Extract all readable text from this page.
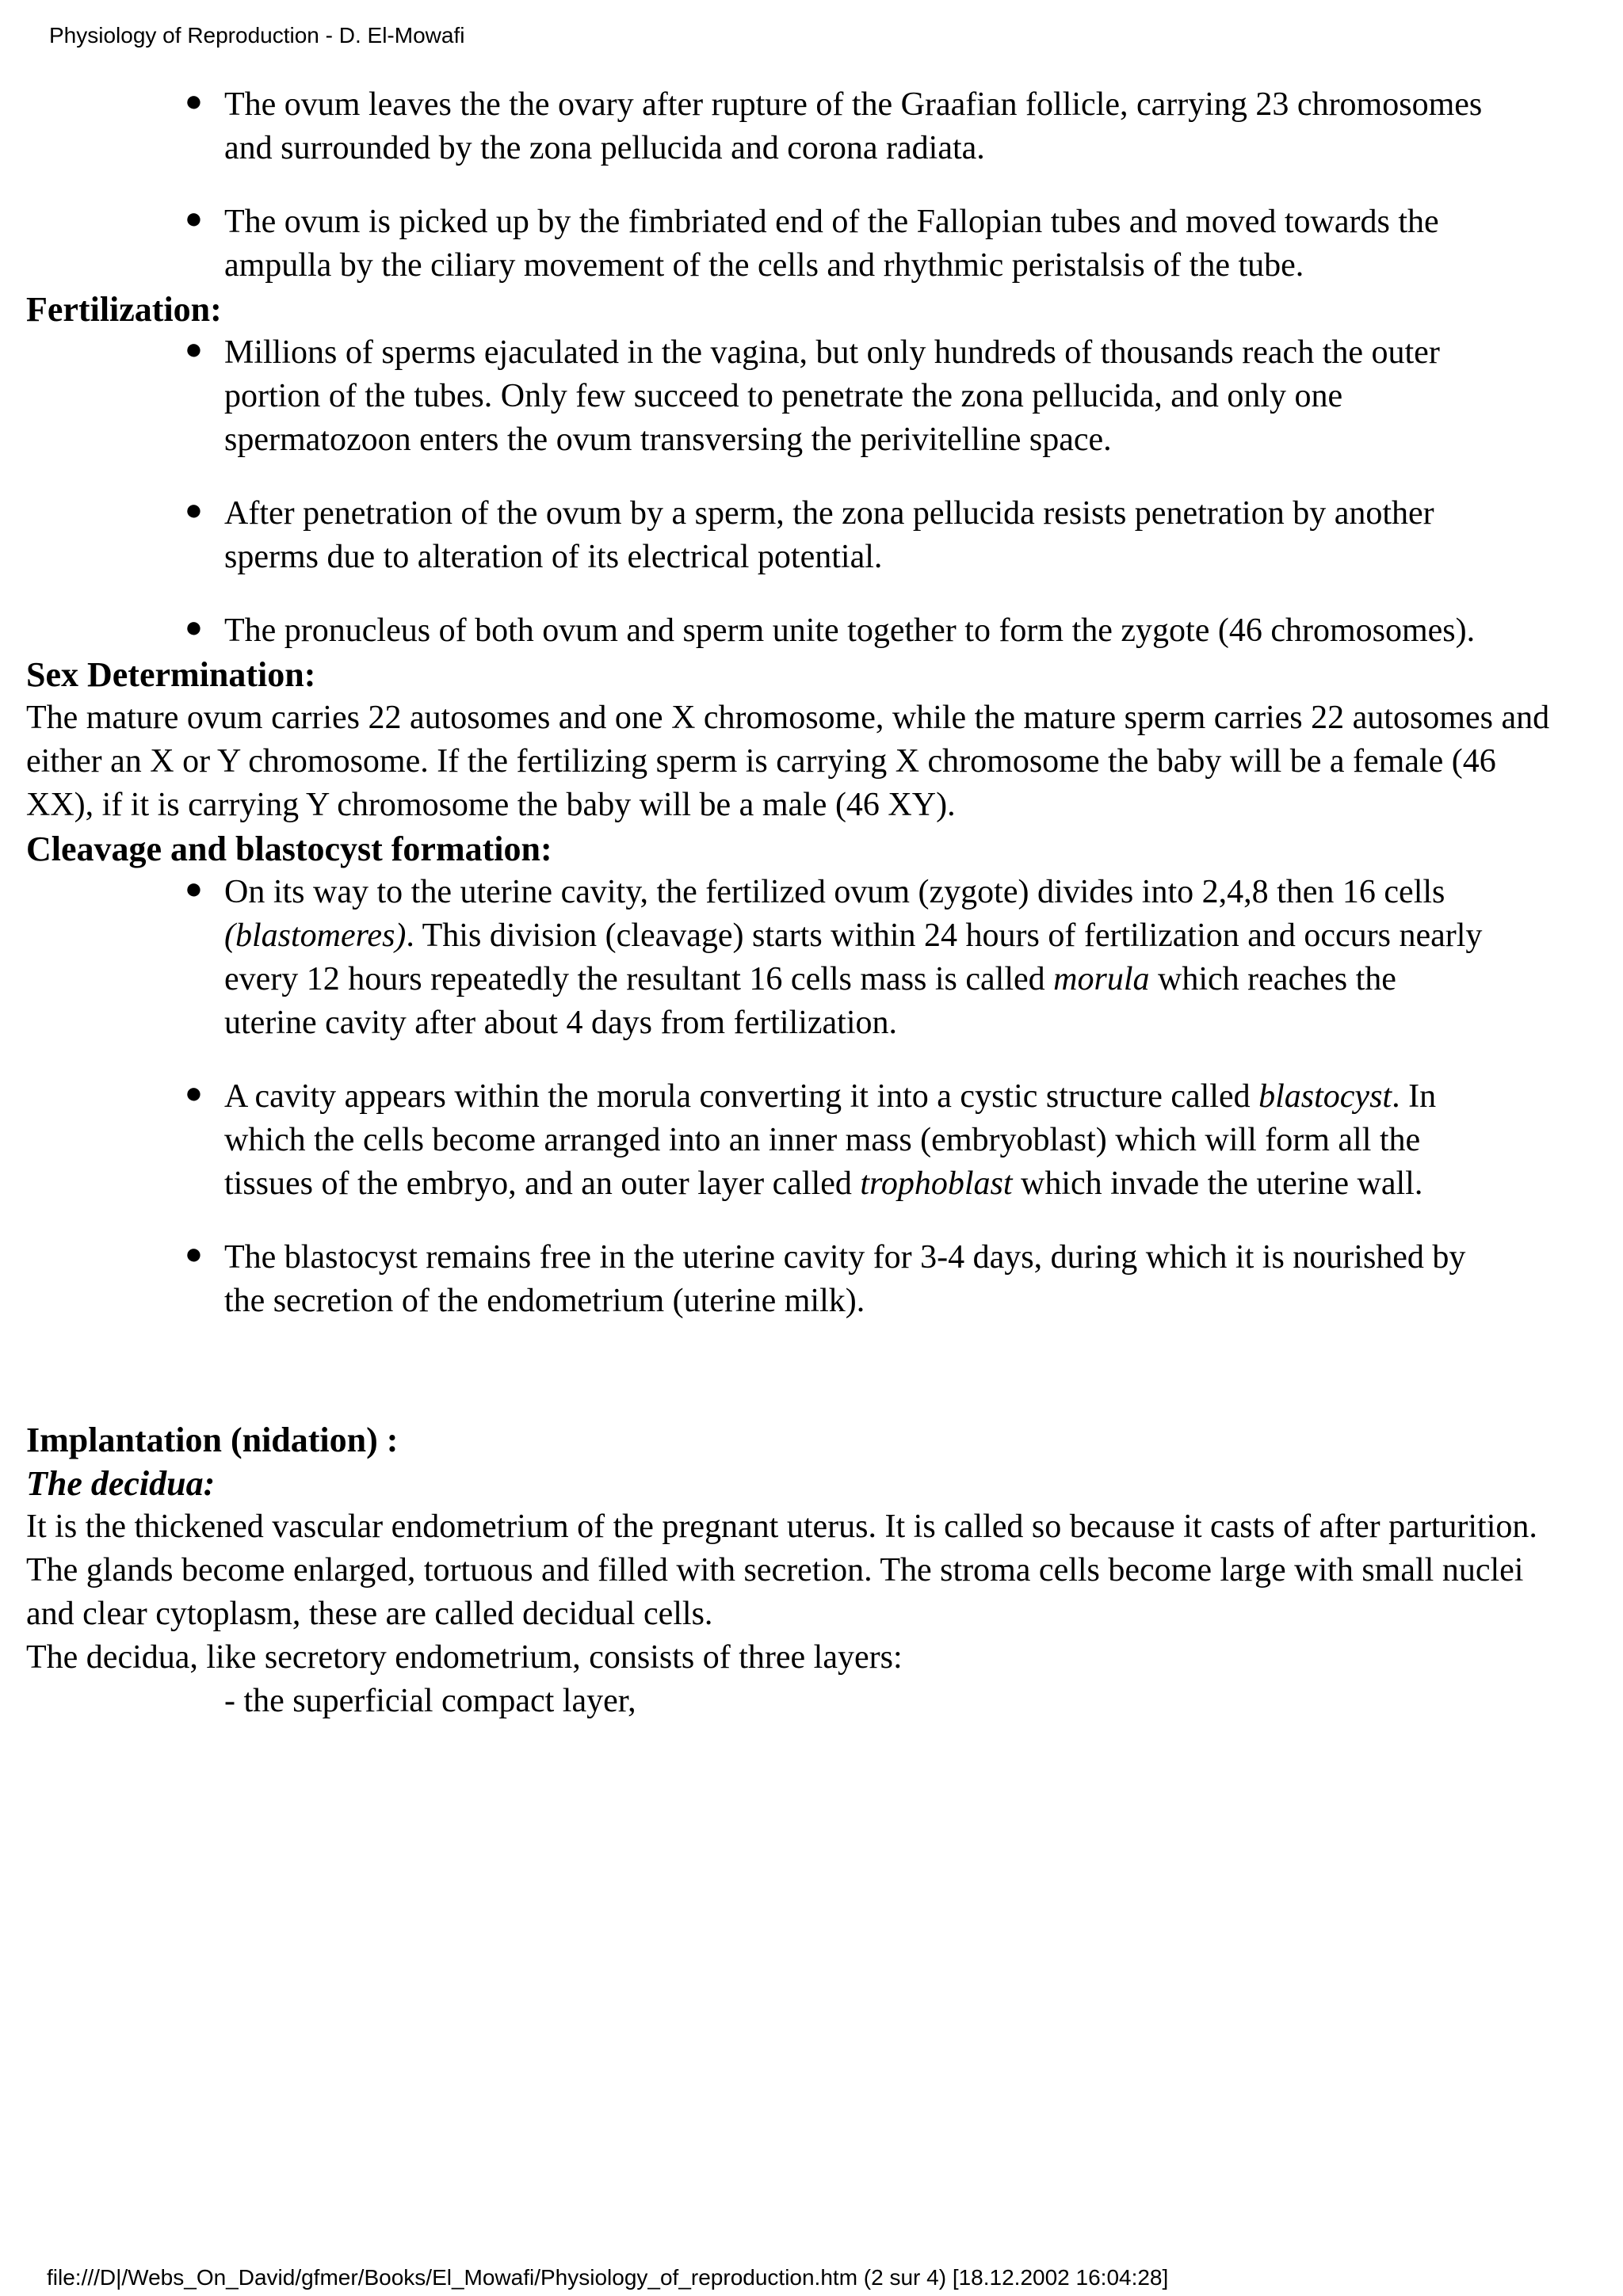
Physiology of Reproduction - D. El-Mowafi
● The ovum leaves the the ovary after rupture of the Graafian follicle, carrying 23 chromosomes and surrounded by the zona pellucida and corona radiata.
● The ovum is picked up by the fimbriated end of the Fallopian tubes and moved towards the ampulla by the ciliary movement of the cells and rhythmic peristalsis of the tube.
Fertilization:
● Millions of sperms ejaculated in the vagina, but only hundreds of thousands reach the outer portion of the tubes. Only few succeed to penetrate the zona pellucida, and only one spermatozoon enters the ovum transversing the perivitelline space.
● After penetration of the ovum by a sperm, the zona pellucida resists penetration by another sperms due to alteration of its electrical potential.
● The pronucleus of both ovum and sperm unite together to form the zygote (46 chromosomes).
Sex Determination:

The mature ovum carries 22 autosomes and one X chromosome, while the mature sperm carries 22 autosomes and either an X or Y chromosome. If the fertilizing sperm is carrying X chromosome the baby will be a female (46 XX), if it is carrying Y chromosome the baby will be a male (46 XY).

Cleavage and blastocyst formation:
● On its way to the uterine cavity, the fertilized ovum (zygote) divides into 2,4,8 then 16 cells (blastomeres). This division (cleavage) starts within 24 hours of fertilization and occurs nearly every 12 hours repeatedly the resultant 16 cells mass is called morula which reaches the uterine cavity after about 4 days from fertilization.
● A cavity appears within the morula converting it into a cystic structure called blastocyst. In which the cells become arranged into an inner mass (embryoblast) which will form all the tissues of the embryo, and an outer layer called trophoblast which invade the uterine wall.
● The blastocyst remains free in the uterine cavity for 3-4 days, during which it is nourished by the secretion of the endometrium (uterine milk).
Implantation (nidation) :
The decidua:

It is the thickened vascular endometrium of the pregnant uterus. It is called so because it casts of after parturition. The glands become enlarged, tortuous and filled with secretion. The stroma cells become large with small nuclei and clear cytoplasm, these are called decidual cells.

The decidua, like secretory endometrium, consists of three layers:

- the superficial compact layer,

file:///D|/Webs_On_David/gfmer/Books/El_Mowafi/Physiology_of_reproduction.htm (2 sur 4) [18.12.2002 16:04:28]
